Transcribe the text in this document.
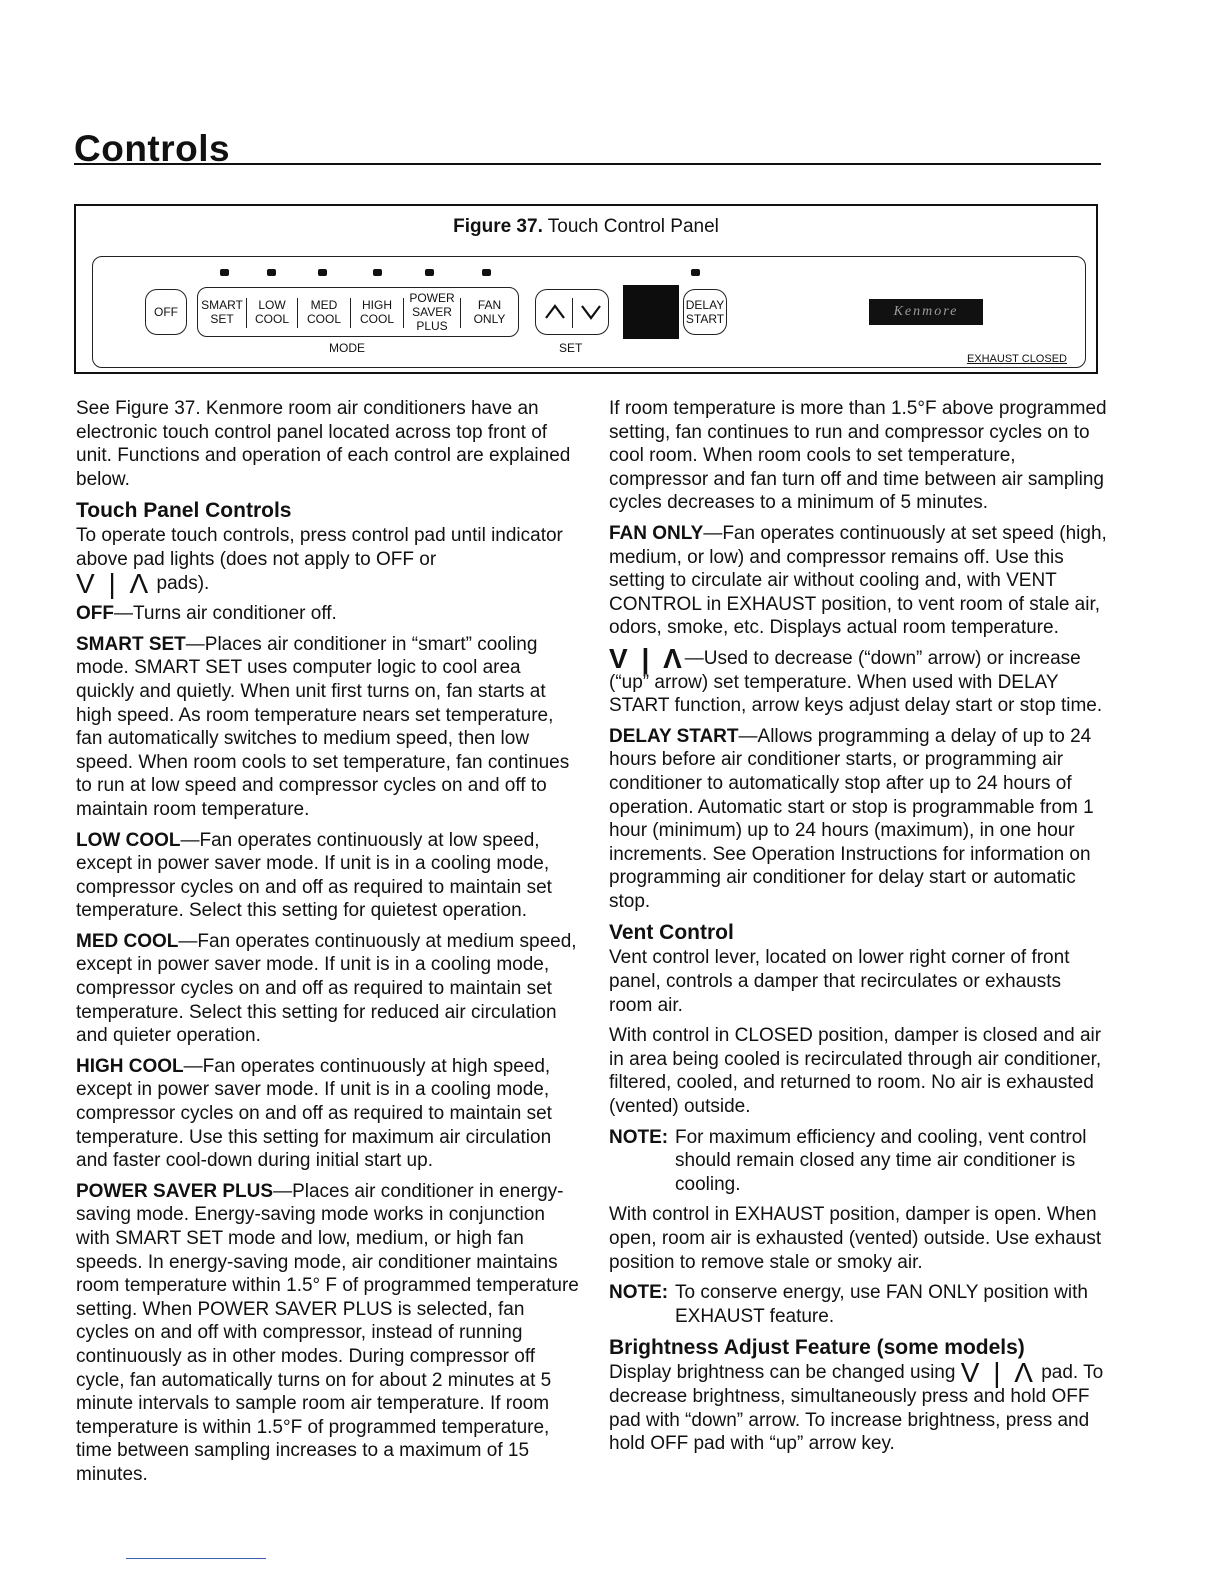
Controls
Figure 37. Touch Control Panel
OFF SMART
SET
LOW
COOL
MED
COOL
HIGH
COOL
POWER
SAVER
PLUS
FAN
ONLY
MODE	SET
DELAY
START	Kenmore
EXHAUST CLOSED

See Figure 37. Kenmore room air conditioners have an electronic touch control panel located across top front of unit. Functions and operation of each control are explained below.

Touch Panel Controls

To operate touch controls, press control pad until indicator above pad lights (does not apply to OFF or
V | Λ pads).

OFF—Turns air conditioner off.

SMART SET—Places air conditioner in “smart” cooling mode. SMART SET uses computer logic to cool area quickly and quietly. When unit first turns on, fan starts at high speed. As room temperature nears set temperature, fan automatically switches to medium speed, then low speed. When room cools to set temperature, fan continues to run at low speed and compressor cycles on and off to maintain room temperature.

LOW COOL—Fan operates continuously at low speed, except in power saver mode. If unit is in a cooling mode, compressor cycles on and off as required to maintain set temperature. Select this setting for quietest operation.

MED COOL—Fan operates continuously at medium speed, except in power saver mode. If unit is in a cooling mode, compressor cycles on and off as required to maintain set temperature. Select this setting for reduced air circulation and quieter operation.

HIGH COOL—Fan operates continuously at high speed, except in power saver mode. If unit is in a cooling mode, compressor cycles on and off as required to maintain set temperature. Use this setting for maximum air circulation and faster cool-down during initial start up.

POWER SAVER PLUS—Places air conditioner in energy-saving mode. Energy-saving mode works in conjunction with SMART SET mode and low, medium, or high fan speeds. In energy-saving mode, air conditioner maintains room temperature within 1.5° F of programmed temperature setting. When POWER SAVER PLUS is selected, fan cycles on and off with compressor, instead of running continuously as in other modes. During compressor off cycle, fan automatically turns on for about 2 minutes at 5 minute intervals to sample room air temperature. If room temperature is within 1.5°F of programmed temperature, time between sampling increases to a maximum of 15 minutes.

If room temperature is more than 1.5°F above programmed setting, fan continues to run and compressor cycles on to cool room. When room cools to set temperature, compressor and fan turn off and time between air sampling cycles decreases to a minimum of 5 minutes.

FAN ONLY—Fan operates continuously at set speed (high, medium, or low) and compressor remains off. Use this setting to circulate air without cooling and, with VENT CONTROL in EXHAUST position, to vent room of stale air, odors, smoke, etc. Displays actual room temperature.

V | Λ—Used to decrease (“down” arrow) or increase (“up” arrow) set temperature. When used with DELAY START function, arrow keys adjust delay start or stop time.

DELAY START—Allows programming a delay of up to 24 hours before air conditioner starts, or programming air conditioner to automatically stop after up to 24 hours of operation. Automatic start or stop is programmable from 1 hour (minimum) up to 24 hours (maximum), in one hour increments. See Operation Instructions for information on programming air conditioner for delay start or automatic stop.

Vent Control

Vent control lever, located on lower right corner of front panel, controls a damper that recirculates or exhausts room air.

With control in CLOSED position, damper is closed and air in area being cooled is recirculated through air conditioner, filtered, cooled, and returned to room. No air is exhausted (vented) outside.

NOTE: For maximum efficiency and cooling, vent control should remain closed any time air conditioner is cooling.

With control in EXHAUST position, damper is open. When open, room air is exhausted (vented) outside. Use exhaust position to remove stale or smoky air.

NOTE: To conserve energy, use FAN ONLY position with EXHAUST feature.
Brightness Adjust Feature (some models)

Display brightness can be changed using V | Λ pad. To decrease brightness, simultaneously press and hold OFF pad with “down” arrow. To increase brightness, press and hold OFF pad with “up” arrow key.
